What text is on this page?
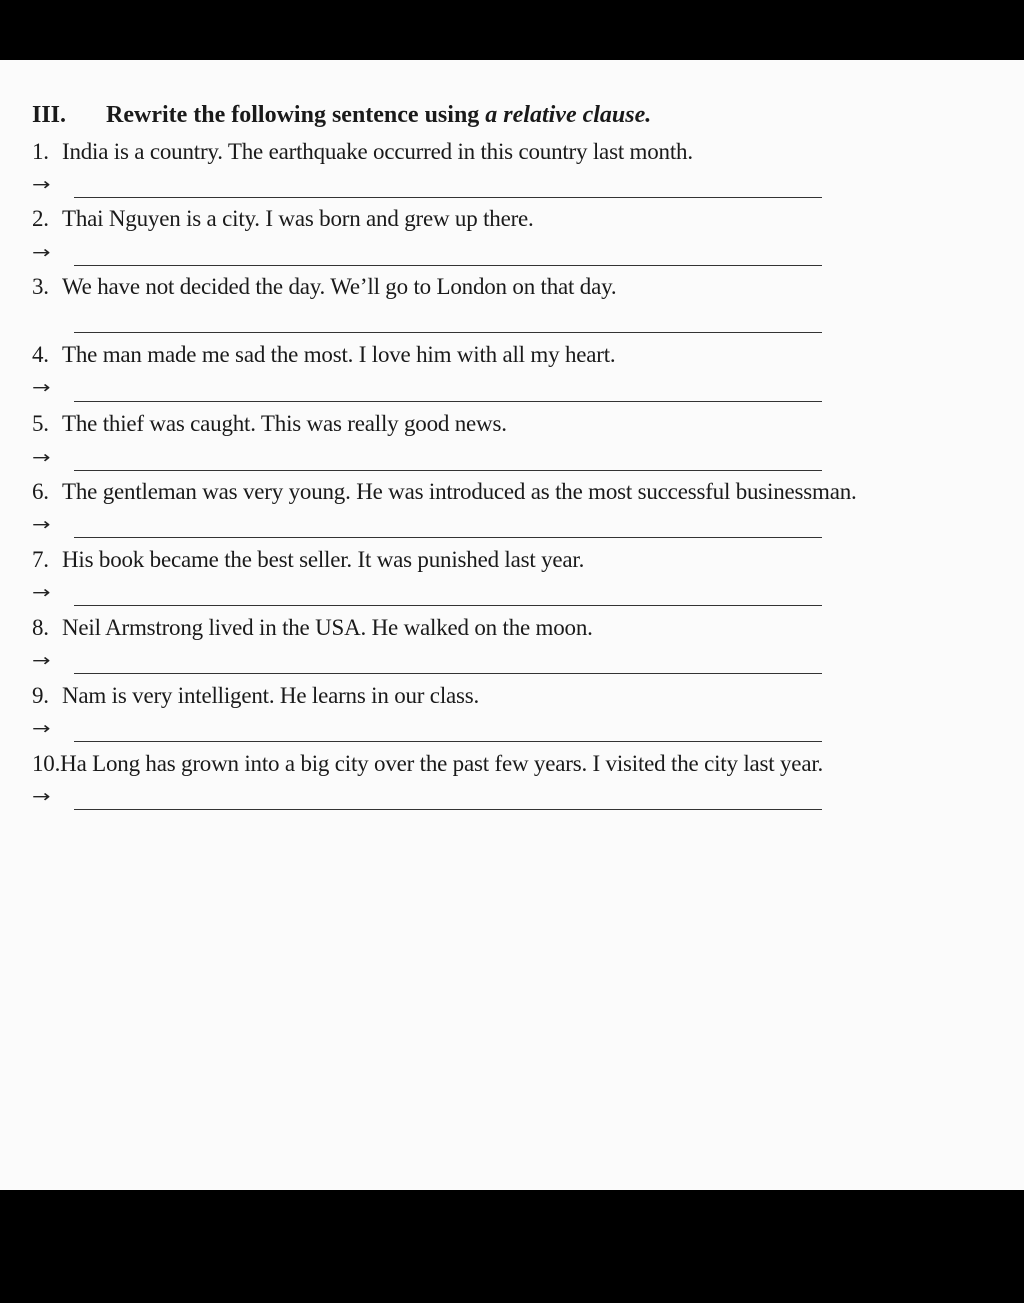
III.	Rewrite the following sentence using a relative clause.
1. India is a country. The earthquake occurred in this country last month.
→
2. Thai Nguyen is a city. I was born and grew up there.
→
3. We have not decided the day. We’ll go to London on that day.
4. The man made me sad the most. I love him with all my heart.
→
5. The thief was caught. This was really good news.
→
6. The gentleman was very young. He was introduced as the most successful businessman.
→
7. His book became the best seller. It was punished last year.
→
8. Neil Armstrong lived in the USA. He walked on the moon.
→
9. Nam is very intelligent. He learns in our class.
→
10.Ha Long has grown into a big city over the past few years. I visited the city last year.
→
